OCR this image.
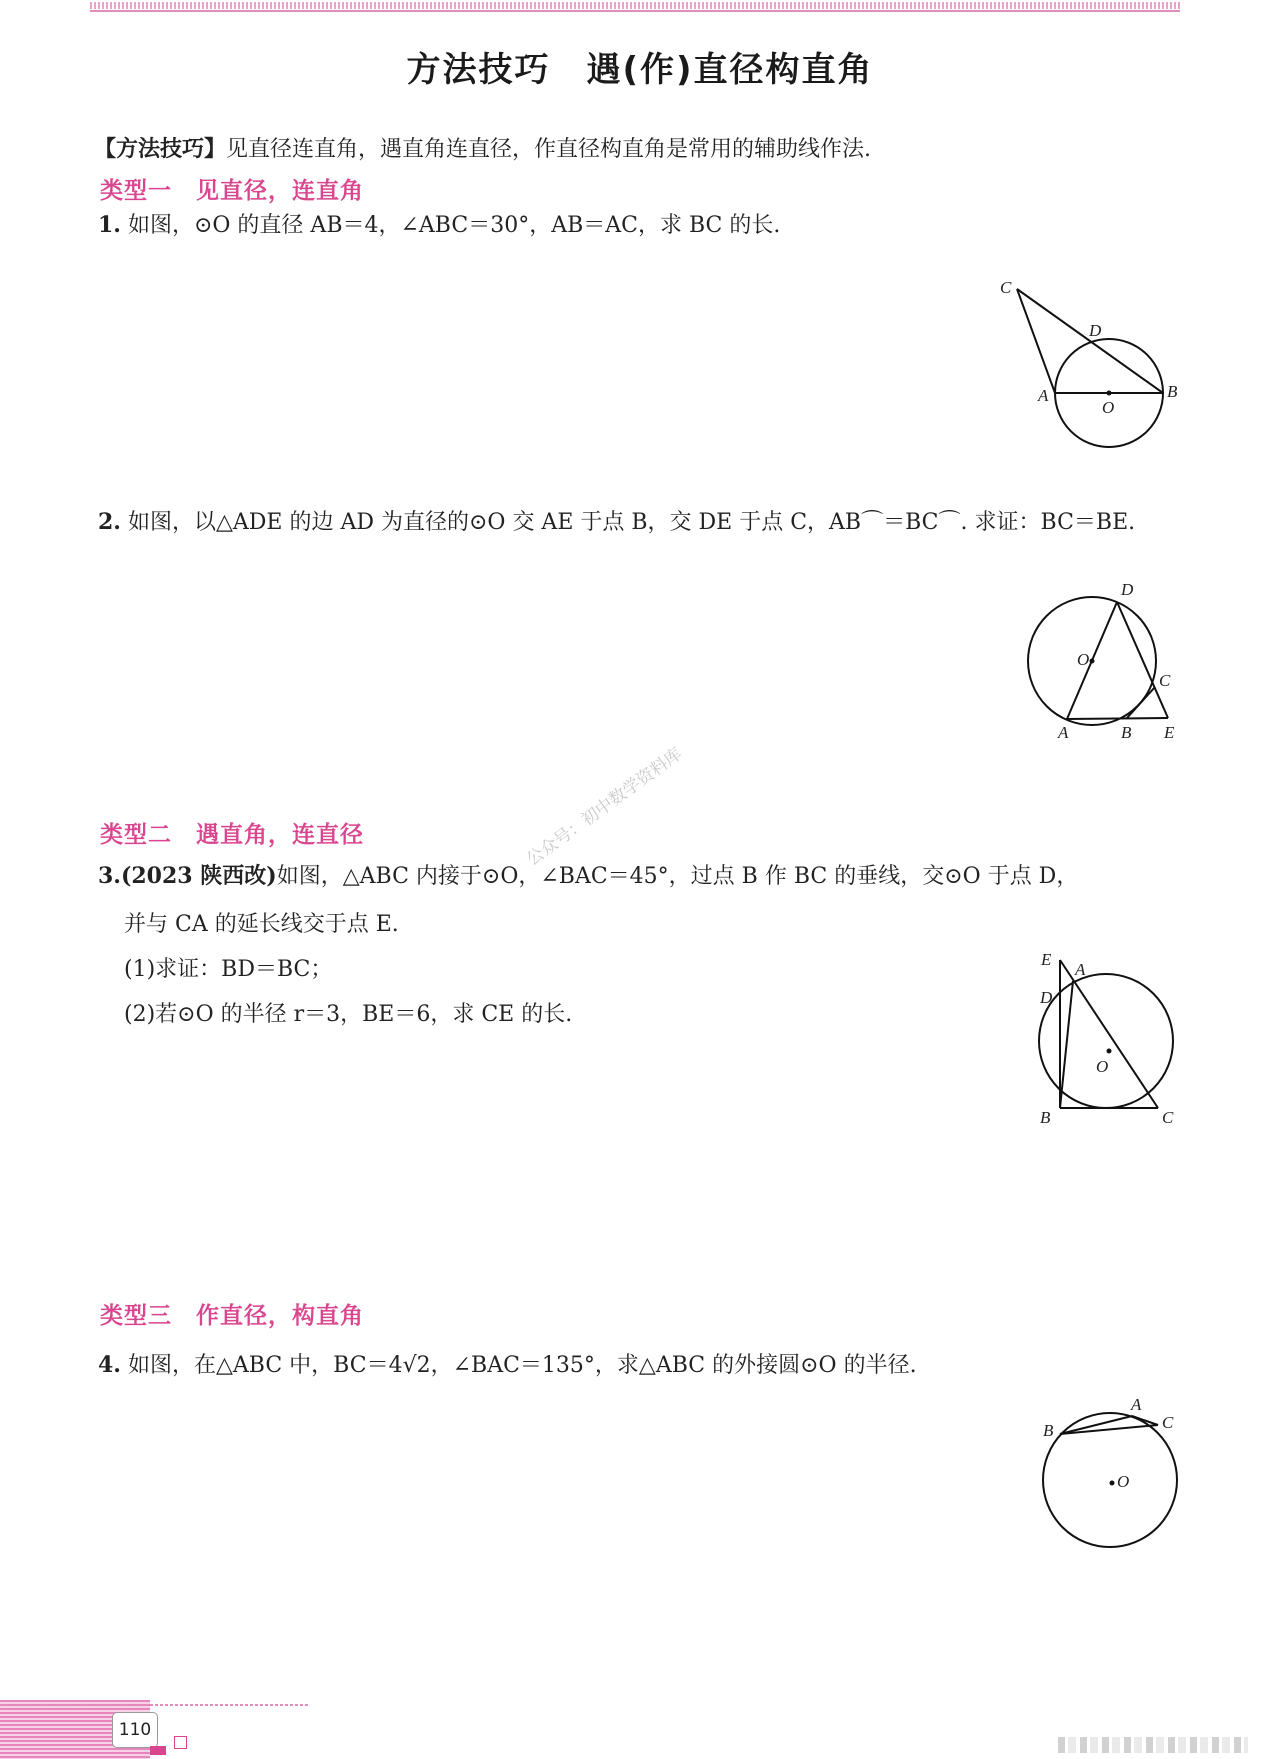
方法技巧　遇(作)直径构直角
【方法技巧】见直径连直角，遇直角连直径，作直径构直角是常用的辅助线作法.
类型一 见直径，连直角
1. 如图，⊙O 的直径 AB＝4，∠ABC＝30°，AB＝AC，求 BC 的长.
C
D
A
O
B
2. 如图，以△ADE 的边 AD 为直径的⊙O 交 AE 于点 B，交 DE 于点 C，AB⌒＝BC⌒. 求证：BC＝BE.
D
O
C
A	B E
类型二 遇直角，连直径	公众号：初中数学资料库
3.(2023 陕西改)如图，△ABC 内接于⊙O，∠BAC＝45°，过点 B 作 BC 的垂线，交⊙O 于点 D，
并与 CA 的延长线交于点 E.
(1)求证：BD＝BC；
(2)若⊙O 的半径 r＝3，BE＝6，求 CE 的长.
E
A
D
O
B	C
类型三 作直径，构直角
4. 如图，在△ABC 中，BC＝4√2，∠BAC＝135°，求△ABC 的外接圆⊙O 的半径.
A
B	C
O
110
